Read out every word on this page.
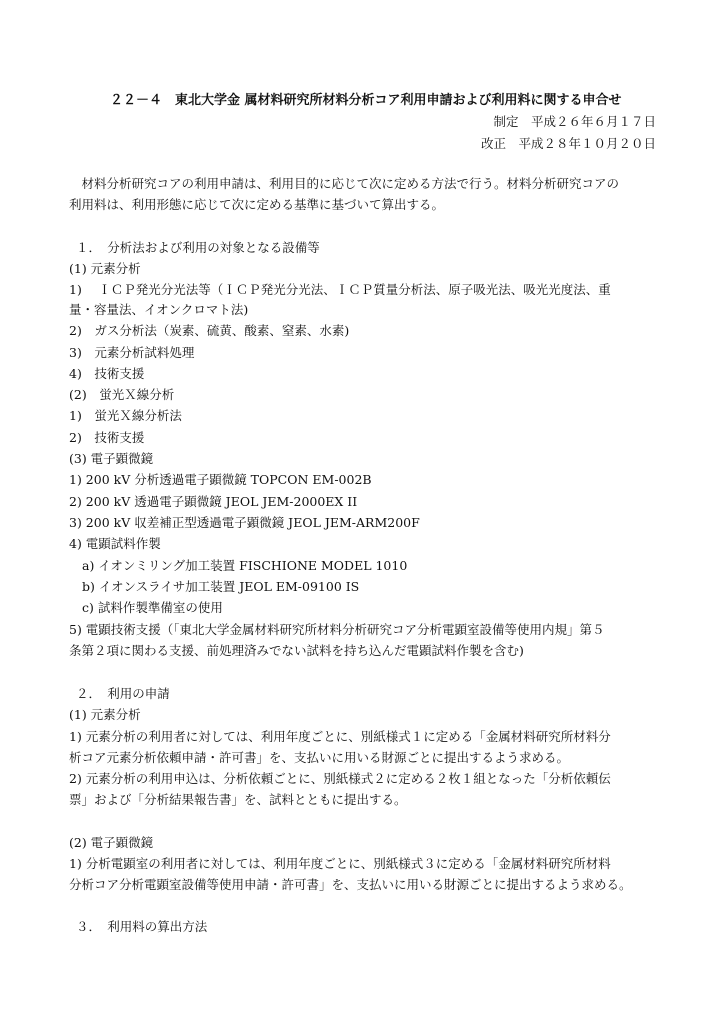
２２－４　東北大学金 属材料研究所材料分析コア利用申請および利用料に関する申合せ
制定　平成２６年６月１７日
改正　平成２８年１０月２０日
　材料分析研究コアの利用申請は、利用目的に応じて次に定める方法で行う。材料分析研究コアの
利用料は、利用形態に応じて次に定める基準に基づいて算出する。
１．　分析法および利用の対象となる設備等
(1) 元素分析
1)　 ＩＣＰ発光分光法等（ＩＣＰ発光分光法、ＩＣＰ質量分析法、原子吸光法、吸光光度法、重
量・容量法、イオンクロマト法)
2)　ガス分析法（炭素、硫黄、酸素、窒素、水素)
3)　元素分析試料処理
4)　技術支援
(2)　蛍光Ｘ線分析
1)　蛍光Ｘ線分析法
2)　技術支援
(3) 電子顕微鏡
1) 200 kV 分析透過電子顕微鏡 TOPCON EM-002B
2) 200 kV 透過電子顕微鏡 JEOL JEM-2000EX II
3) 200 kV 収差補正型透過電子顕微鏡 JEOL JEM-ARM200F
4) 電顕試料作製
a) イオンミリング加工装置 FISCHIONE MODEL 1010
b) イオンスライサ加工装置 JEOL EM-09100 IS
c) 試料作製準備室の使用
5) 電顕技術支援（「東北大学金属材料研究所材料分析研究コア分析電顕室設備等使用内規」第５
条第２項に関わる支援、前処理済みでない試料を持ち込んだ電顕試料作製を含む)
２．　利用の申請
(1) 元素分析
1) 元素分析の利用者に対しては、利用年度ごとに、別紙様式１に定める「金属材料研究所材料分
析コア元素分析依頼申請・許可書」を、支払いに用いる財源ごとに提出するよう求める。
2) 元素分析の利用申込は、分析依頼ごとに、別紙様式２に定める２枚１組となった「分析依頼伝
票」および「分析結果報告書」を、試料とともに提出する。
(2) 電子顕微鏡
1) 分析電顕室の利用者に対しては、利用年度ごとに、別紙様式３に定める「金属材料研究所材料
分析コア分析電顕室設備等使用申請・許可書」を、支払いに用いる財源ごとに提出するよう求める。
３．　利用料の算出方法
